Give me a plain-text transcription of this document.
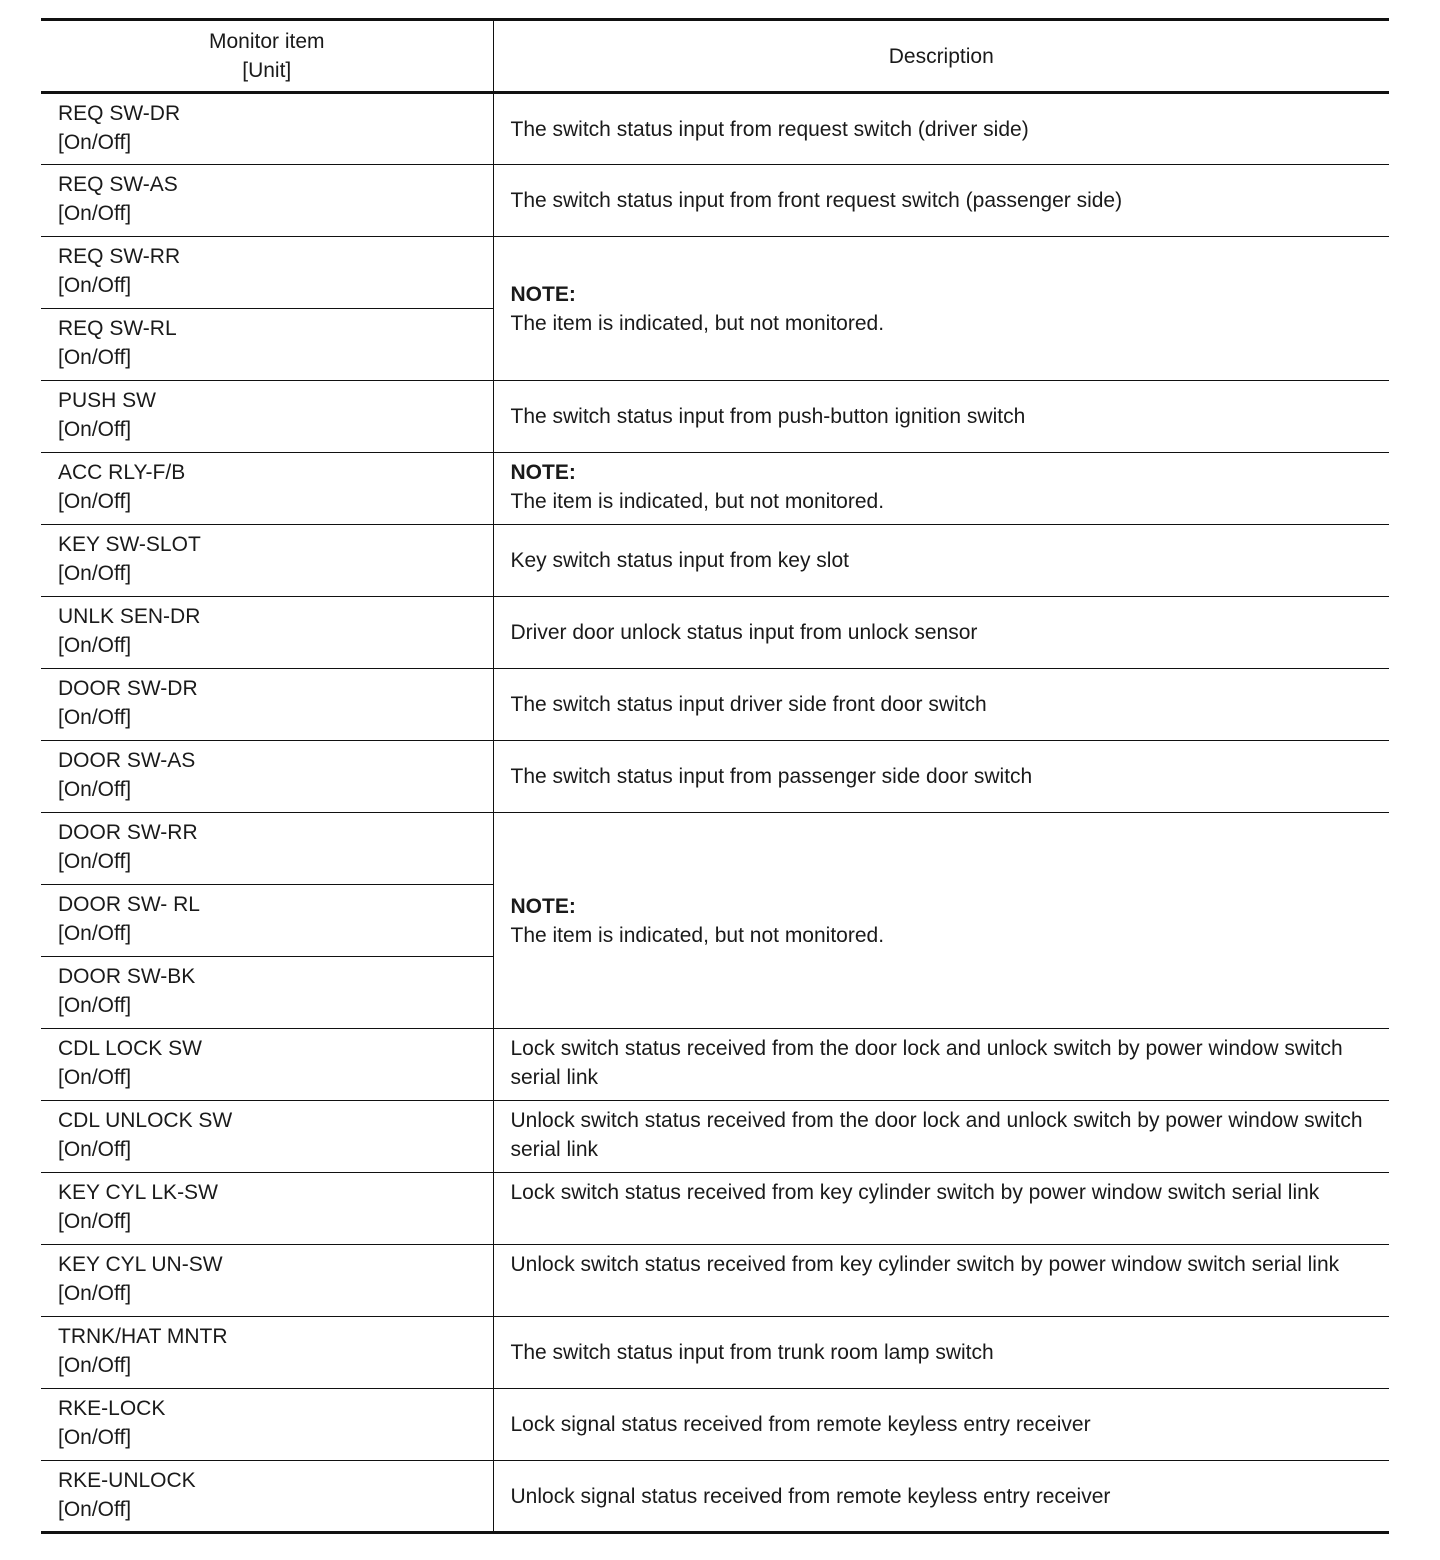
Monitor item
[Unit]	Description

REQ SW-DR
[On/Off]	The switch status input from request switch (driver side)

REQ SW-AS
[On/Off]	The switch status input from front request switch (passenger side)

REQ SW-RR
[On/Off]	NOTE:
The item is indicated, but not monitored.

REQ SW-RL
[On/Off]	

PUSH SW
[On/Off]	The switch status input from push-button ignition switch

ACC RLY-F/B
[On/Off]	NOTE:
The item is indicated, but not monitored.

KEY SW-SLOT
[On/Off]	Key switch status input from key slot

UNLK SEN-DR
[On/Off]	Driver door unlock status input from unlock sensor

DOOR SW-DR
[On/Off]	The switch status input driver side front door switch

DOOR SW-AS
[On/Off]	The switch status input from passenger side door switch

DOOR SW-RR
[On/Off]	NOTE:
The item is indicated, but not monitored.

DOOR SW- RL
[On/Off]	

DOOR SW-BK
[On/Off]	

CDL LOCK SW
[On/Off]	Lock switch status received from the door lock and unlock switch by power window switch serial link

CDL UNLOCK SW
[On/Off]	Unlock switch status received from the door lock and unlock switch by power window switch serial link

KEY CYL LK-SW
[On/Off]	Lock switch status received from key cylinder switch by power window switch serial link

KEY CYL UN-SW
[On/Off]	Unlock switch status received from key cylinder switch by power window switch serial link

TRNK/HAT MNTR
[On/Off]	The switch status input from trunk room lamp switch

RKE-LOCK
[On/Off]	Lock signal status received from remote keyless entry receiver

RKE-UNLOCK
[On/Off]	Unlock signal status received from remote keyless entry receiver
